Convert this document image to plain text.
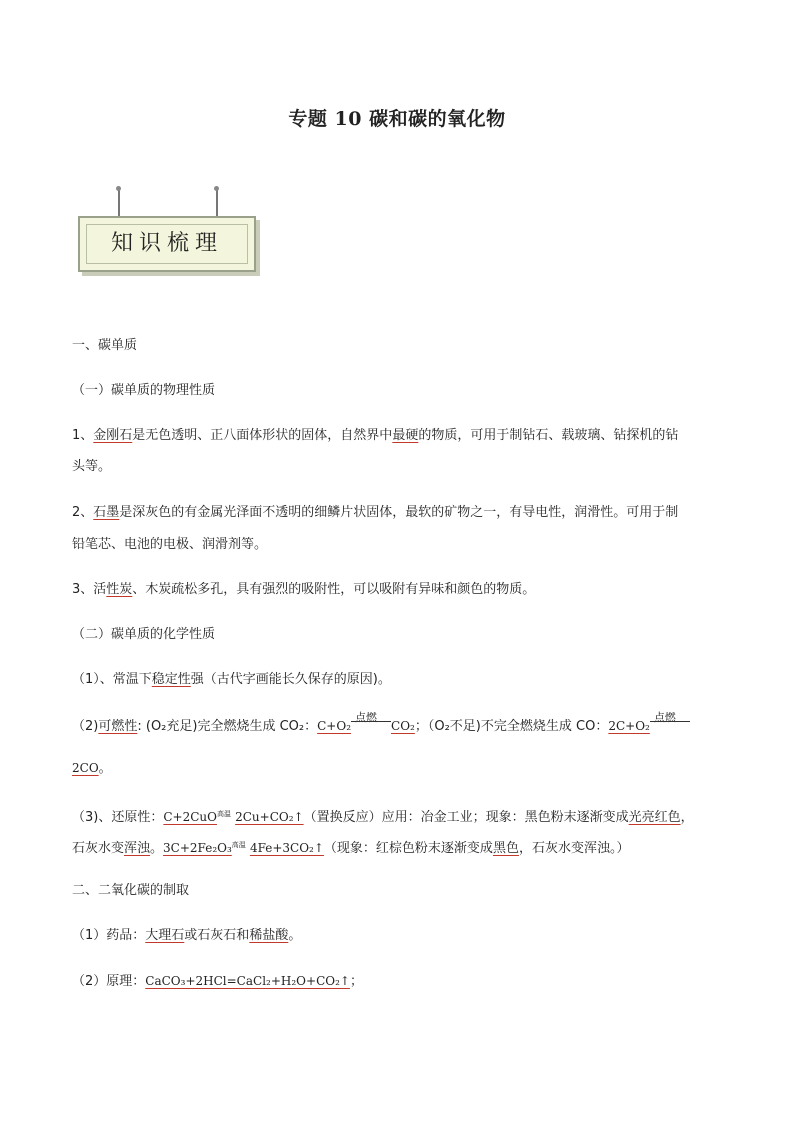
专题 10 碳和碳的氧化物
知识梳理
一、碳单质
（一）碳单质的物理性质
1、金刚石是无色透明、正八面体形状的固体，自然界中最硬的物质，可用于制钻石、载玻璃、钻探机的钻
头等。
2、石墨是深灰色的有金属光泽面不透明的细鳞片状固体，最软的矿物之一，有导电性，润滑性。可用于制
铅笔芯、电池的电极、润滑剂等。
3、活性炭、木炭疏松多孔，具有强烈的吸附性，可以吸附有异味和颜色的物质。
（二）碳单质的化学性质
（1）、常温下稳定性强（古代字画能长久保存的原因)。
（2)可燃性: (O₂充足)完全燃烧生成 CO₂：C+O₂
点燃
CO₂；（O₂不足)不完全燃烧生成 CO：2C+O₂
点燃
2CO。
（3)、还原性：C+2CuO$^{高温}$ 2Cu+CO₂↑（置换反应）应用：冶金工业；现象：黑色粉末逐渐变成光亮红色，
石灰水变浑浊。3C+2Fe₂O₃$^{高温}$ 4Fe+3CO₂↑（现象：红棕色粉末逐渐变成黑色，石灰水变浑浊。）
二、二氧化碳的制取
（1）药品：大理石或石灰石和稀盐酸。
（2）原理：CaCO₃+2HCl=CaCl₂+H₂O+CO₂↑；
